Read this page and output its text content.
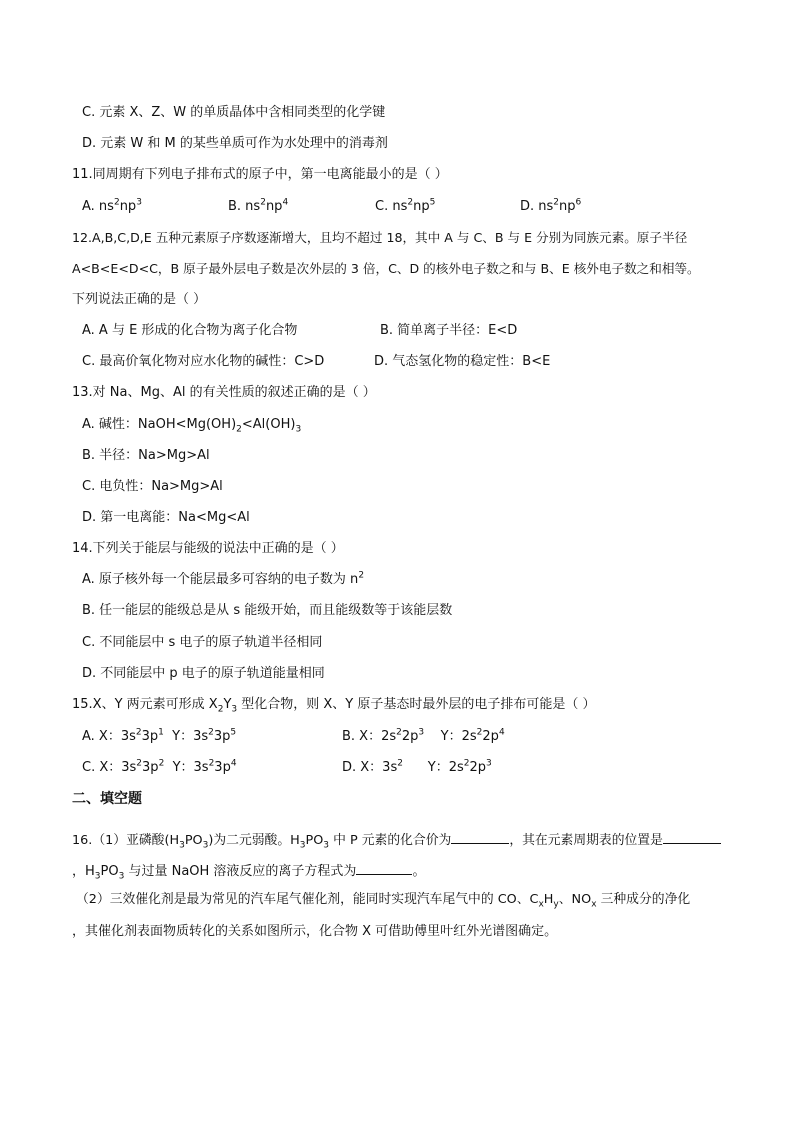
C. 元素 X、Z、W 的单质晶体中含相同类型的化学键
D. 元素 W 和 M 的某些单质可作为水处理中的消毒剂
11.同周期有下列电子排布式的原子中，第一电离能最小的是（ ）
A. $ns^2np^3$	B. $ns^2np^4$	C. $ns^2np^5$	D. $ns^2np^6$
12.A,B,C,D,E 五种元素原子序数逐渐增大，且均不超过 18，其中 A 与 C、B 与 E 分别为同族元素。原子半径
A<B<E<D<C，B 原子最外层电子数是次外层的 3 倍，C、D 的核外电子数之和与 B、E 核外电子数之和相等。
下列说法正确的是（ ）
A. A 与 E 形成的化合物为离子化合物	B. 简单离子半径：E<D
C. 最高价氧化物对应水化物的碱性：C>D	D. 气态氢化物的稳定性：B<E
13.对 Na、Mg、Al 的有关性质的叙述正确的是（ ）
A. 碱性：$NaOH<Mg(OH)_2<Al(OH)_3$
B. 半径：Na>Mg>Al
C. 电负性：Na>Mg>Al
D. 第一电离能：Na<Mg<Al
14.下列关于能层与能级的说法中正确的是（ ）
A. 原子核外每一个能层最多可容纳的电子数为 $n^2$
B. 任一能层的能级总是从 s 能级开始，而且能级数等于该能层数
C. 不同能层中 s 电子的原子轨道半径相同
D. 不同能层中 p 电子的原子轨道能量相同
15.X、Y 两元素可形成 $X_2Y_3$ 型化合物，则 X、Y 原子基态时最外层的电子排布可能是（ ）
A. X：$3s^23p^1$ Y：$3s^23p^5$	B. X：$2s^22p^3$ Y：$2s^22p^4$
C. X：$3s^23p^2$ Y：$3s^23p^4$	D. X：$3s^2$ Y：$2s^22p^3$
二、填空题
16.（1）亚磷酸$(H_3PO_3)$为二元弱酸。$H_3PO_3$ 中 P 元素的化合价为	，其在元素周期表的位置是
，$H_3PO_3$ 与过量 NaOH 溶液反应的离子方程式为	。
（2）三效催化剂是最为常见的汽车尾气催化剂，能同时实现汽车尾气中的 CO、$C_xH_y$、$NO_x$ 三种成分的净化
，其催化剂表面物质转化的关系如图所示，化合物 X 可借助傅里叶红外光谱图确定。
